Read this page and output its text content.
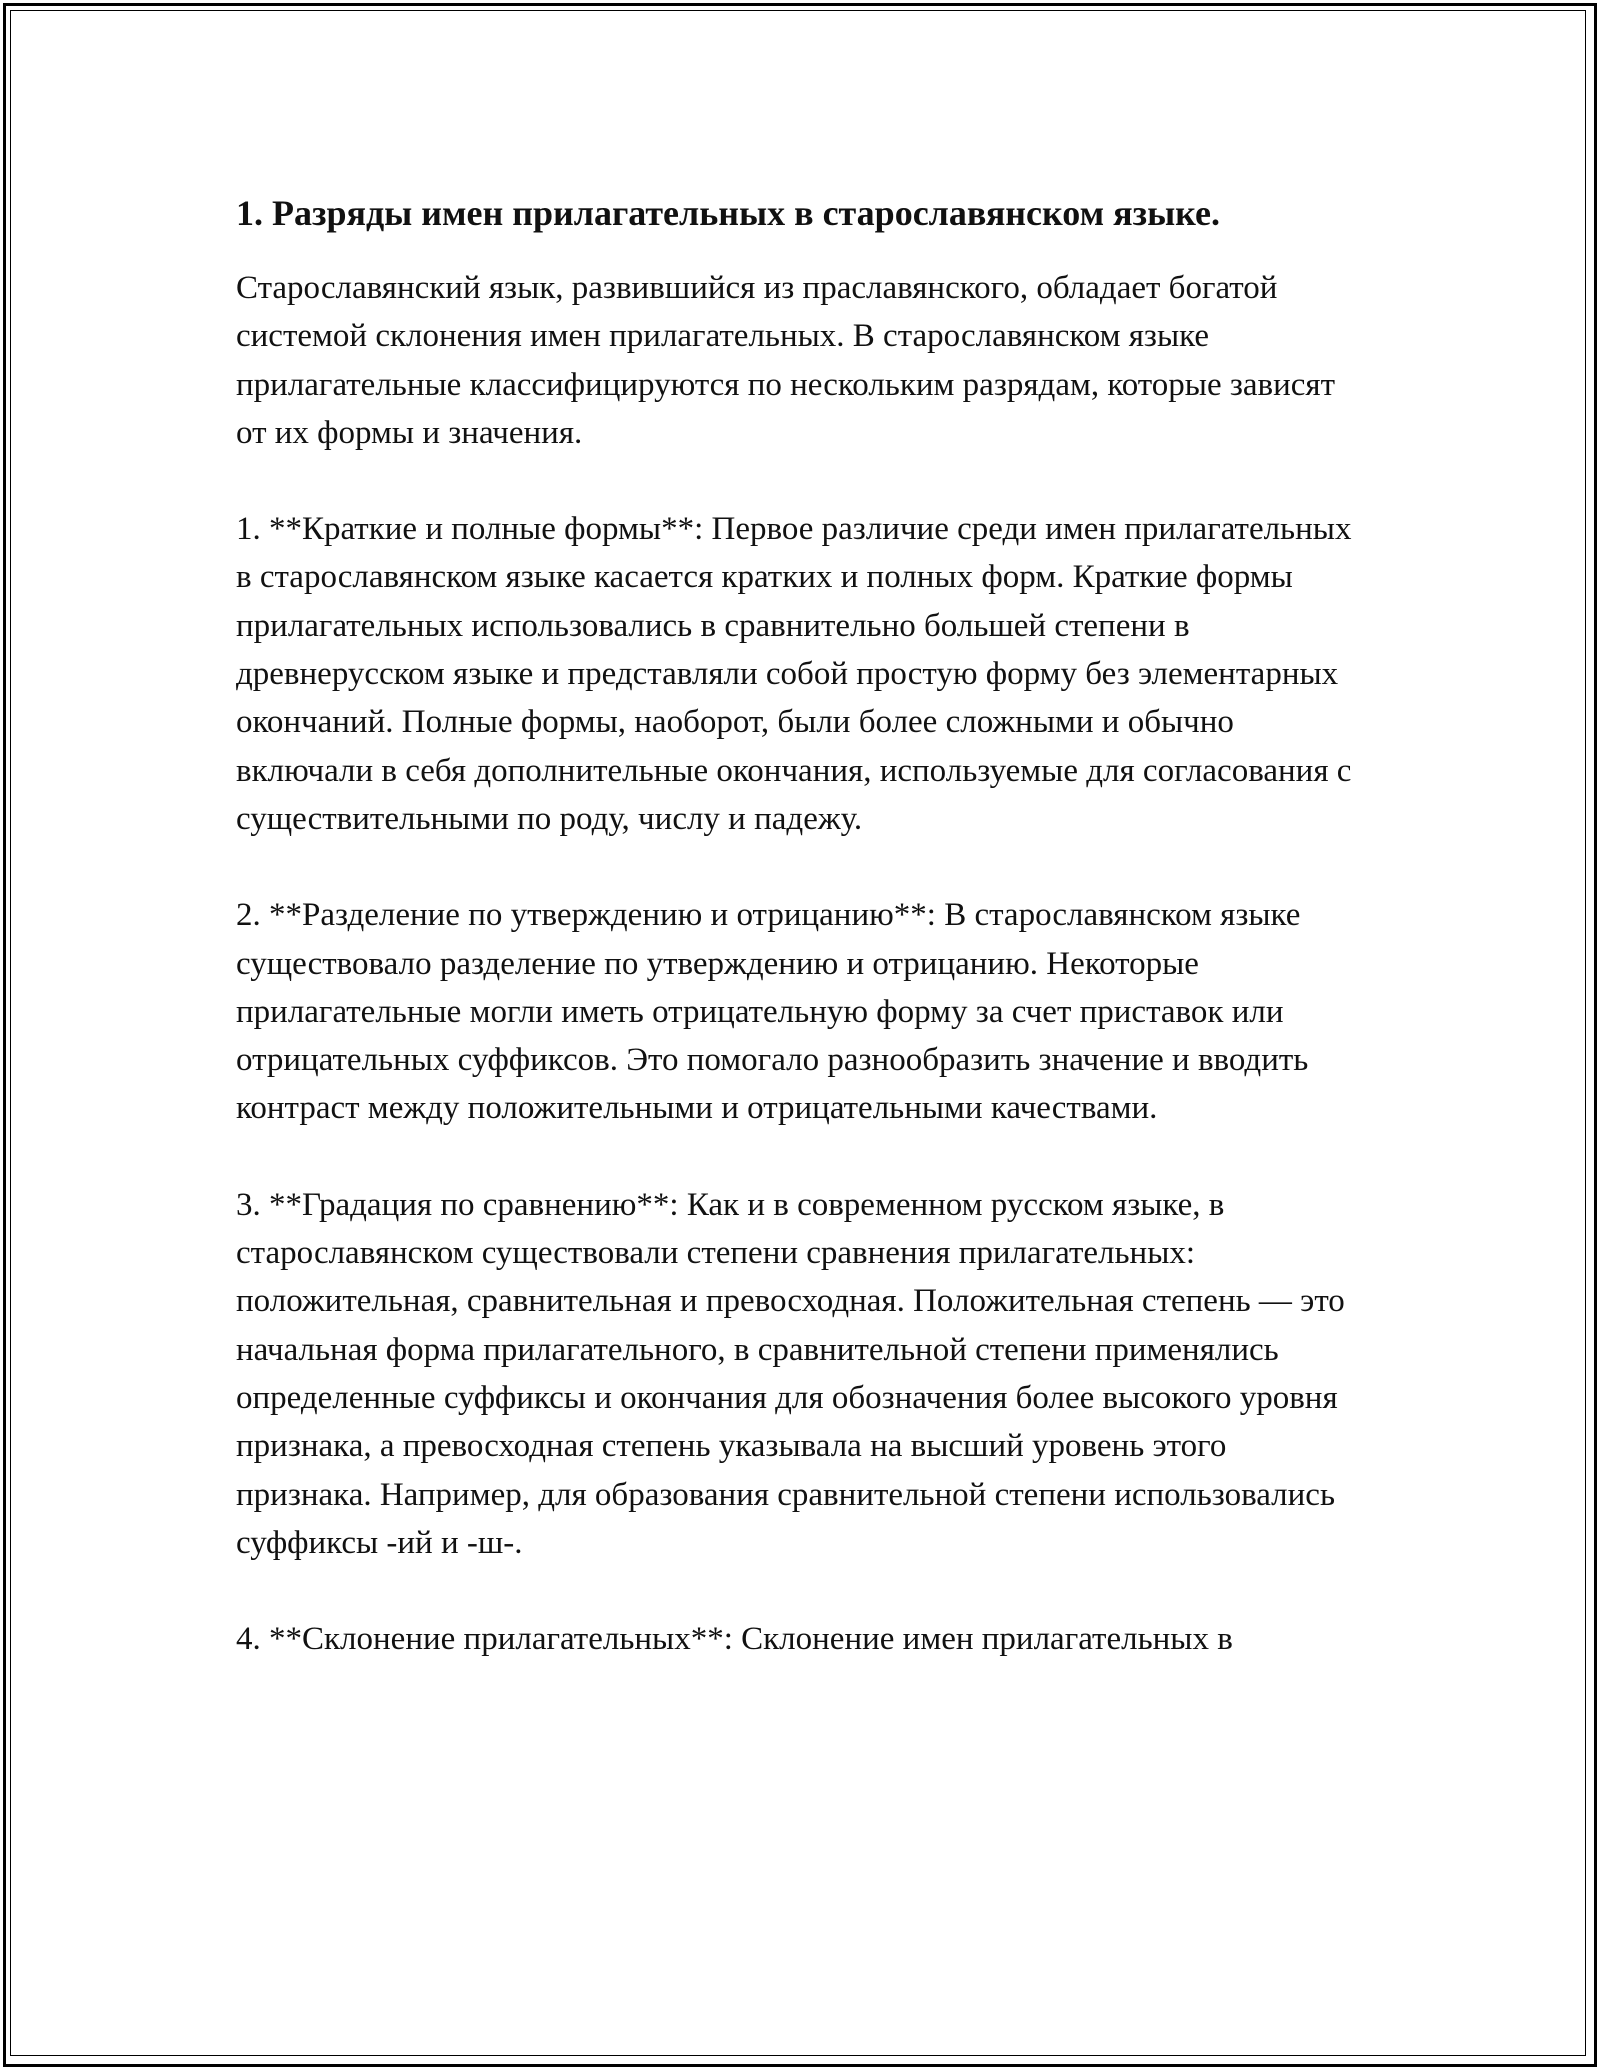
1. Разряды имен прилагательных в старославянском языке.

Старославянский язык, развившийся из праславянского, обладает богатой системой склонения имен прилагательных. В старославянском языке прилагательные классифицируются по нескольким разрядам, которые зависят от их формы и значения.

1. **Краткие и полные формы**: Первое различие среди имен прилагательных в старославянском языке касается кратких и полных форм. Краткие формы прилагательных использовались в сравнительно большей степени в древнерусском языке и представляли собой простую форму без элементарных окончаний. Полные формы, наоборот, были более сложными и обычно включали в себя дополнительные окончания, используемые для согласования с существительными по роду, числу и падежу.

2. **Разделение по утверждению и отрицанию**: В старославянском языке существовало разделение по утверждению и отрицанию. Некоторые прилагательные могли иметь отрицательную форму за счет приставок или отрицательных суффиксов. Это помогало разнообразить значение и вводить контраст между положительными и отрицательными качествами.

3. **Градация по сравнению**: Как и в современном русском языке, в старославянском существовали степени сравнения прилагательных: положительная, сравнительная и превосходная. Положительная степень — это начальная форма прилагательного, в сравнительной степени применялись определенные суффиксы и окончания для обозначения более высокого уровня признака, а превосходная степень указывала на высший уровень этого признака. Например, для образования сравнительной степени использовались суффиксы -ий и -ш-.

4. **Склонение прилагательных**: Склонение имен прилагательных в
